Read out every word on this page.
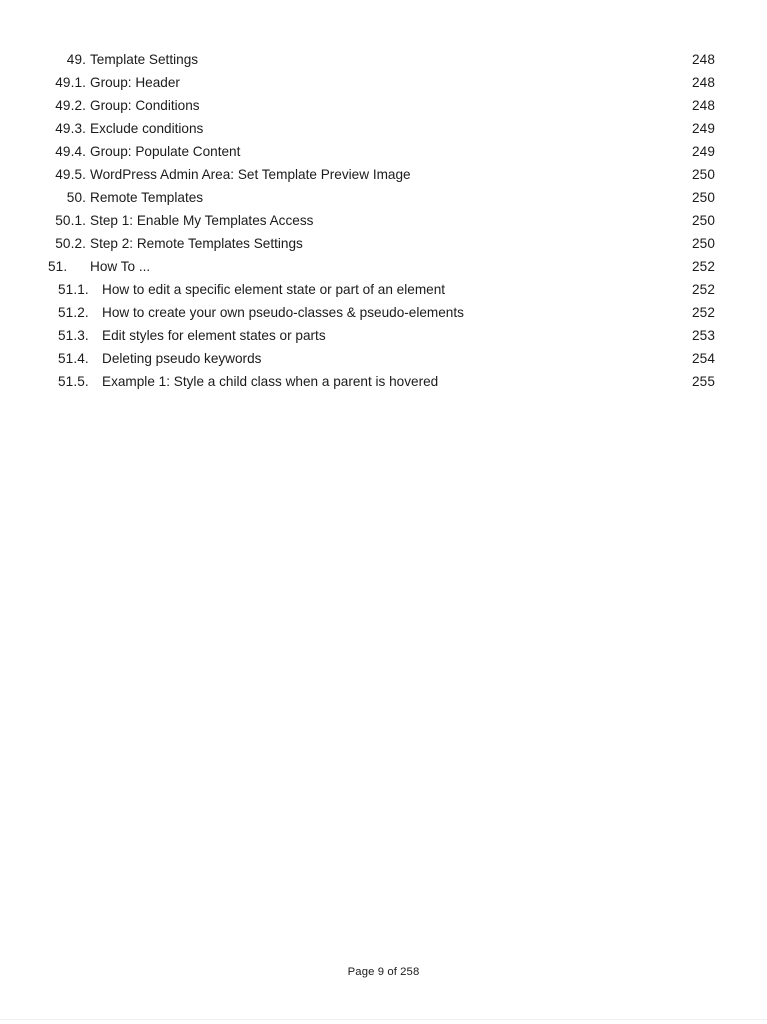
49. Template Settings	248
49.1. Group: Header	248
49.2. Group: Conditions	248
49.3. Exclude conditions	249
49.4. Group: Populate Content	249
49.5. WordPress Admin Area: Set Template Preview Image	250
50. Remote Templates	250
50.1. Step 1: Enable My Templates Access	250
50.2. Step 2: Remote Templates Settings	250
51.	How To ...	252
51.1. How to edit a specific element state or part of an element	252
51.2. How to create your own pseudo-classes & pseudo-elements	252
51.3. Edit styles for element states or parts	253
51.4. Deleting pseudo keywords	254
51.5. Example 1: Style a child class when a parent is hovered	255
Page 9 of 258
